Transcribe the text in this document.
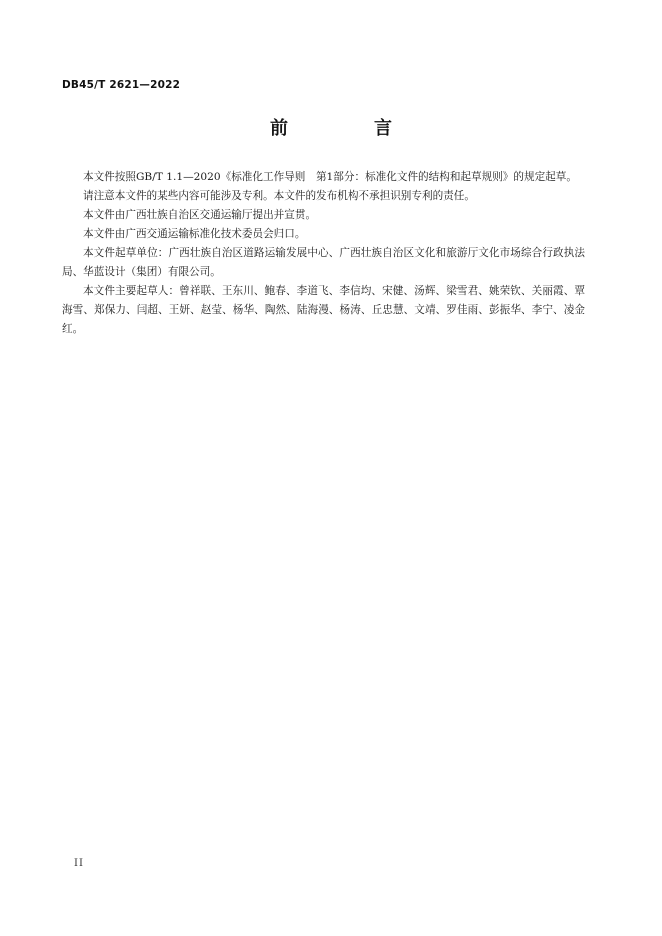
DB45/T 2621—2022
前　言

本文件按照GB/T 1.1—2020《标准化工作导则　第1部分：标准化文件的结构和起草规则》的规定起草。

请注意本文件的某些内容可能涉及专利。本文件的发布机构不承担识别专利的责任。

本文件由广西壮族自治区交通运输厅提出并宣贯。

本文件由广西交通运输标准化技术委员会归口。

本文件起草单位：广西壮族自治区道路运输发展中心、广西壮族自治区文化和旅游厅文化市场综合行政执法局、华蓝设计（集团）有限公司。

本文件主要起草人：曾祥联、王东川、鲍春、李道飞、李信均、宋健、汤辉、梁雪君、姚荣钦、关丽霞、覃海雪、郑保力、闫超、王妍、赵莹、杨华、陶然、陆海漫、杨涛、丘忠慧、文靖、罗佳雨、彭振华、李宁、凌金红。

II
